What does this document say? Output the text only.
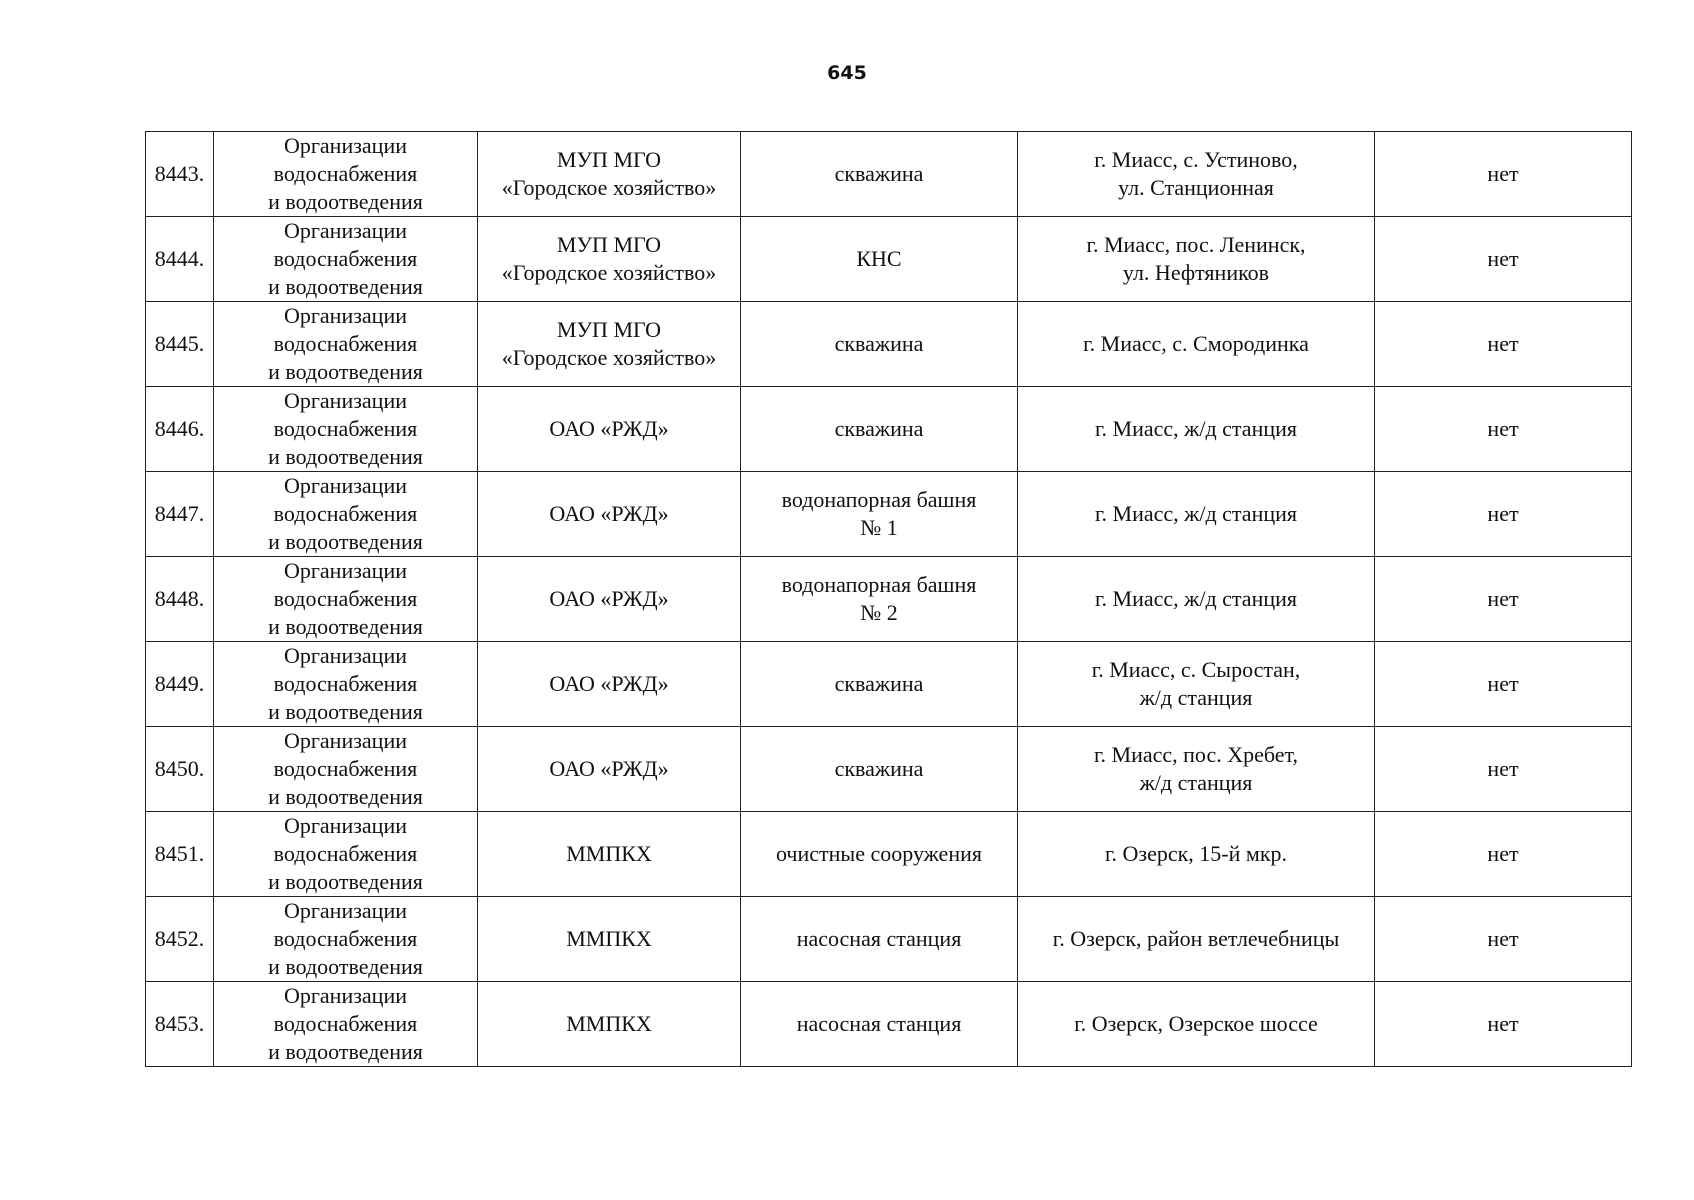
645
8443.	Организации
водоснабжения
и водоотведения	МУП МГО
«Городское хозяйство»	скважина	г. Миасс, с. Устиново,
ул. Станционная	нет

8444.	Организации
водоснабжения
и водоотведения	МУП МГО
«Городское хозяйство»	КНС	г. Миасс, пос. Ленинск,
ул. Нефтяников	нет

8445.	Организации
водоснабжения
и водоотведения	МУП МГО
«Городское хозяйство»	скважина	г. Миасс, с. Смородинка	нет

8446.	Организации
водоснабжения
и водоотведения	ОАО «РЖД»	скважина	г. Миасс, ж/д станция	нет

8447.	Организации
водоснабжения
и водоотведения	ОАО «РЖД»	водонапорная башня
№ 1	г. Миасс, ж/д станция	нет

8448.	Организации
водоснабжения
и водоотведения	ОАО «РЖД»	водонапорная башня
№ 2	г. Миасс, ж/д станция	нет

8449.	Организации
водоснабжения
и водоотведения	ОАО «РЖД»	скважина	г. Миасс, с. Сыростан,
ж/д станция	нет

8450.	Организации
водоснабжения
и водоотведения	ОАО «РЖД»	скважина	г. Миасс, пос. Хребет,
ж/д станция	нет

8451.	Организации
водоснабжения
и водоотведения	ММПКХ	очистные сооружения	г. Озерск, 15-й мкр.	нет

8452.	Организации
водоснабжения
и водоотведения	ММПКХ	насосная станция	г. Озерск, район ветлечебницы	нет

8453.	Организации
водоснабжения
и водоотведения	ММПКХ	насосная станция	г. Озерск, Озерское шоссе	нет
